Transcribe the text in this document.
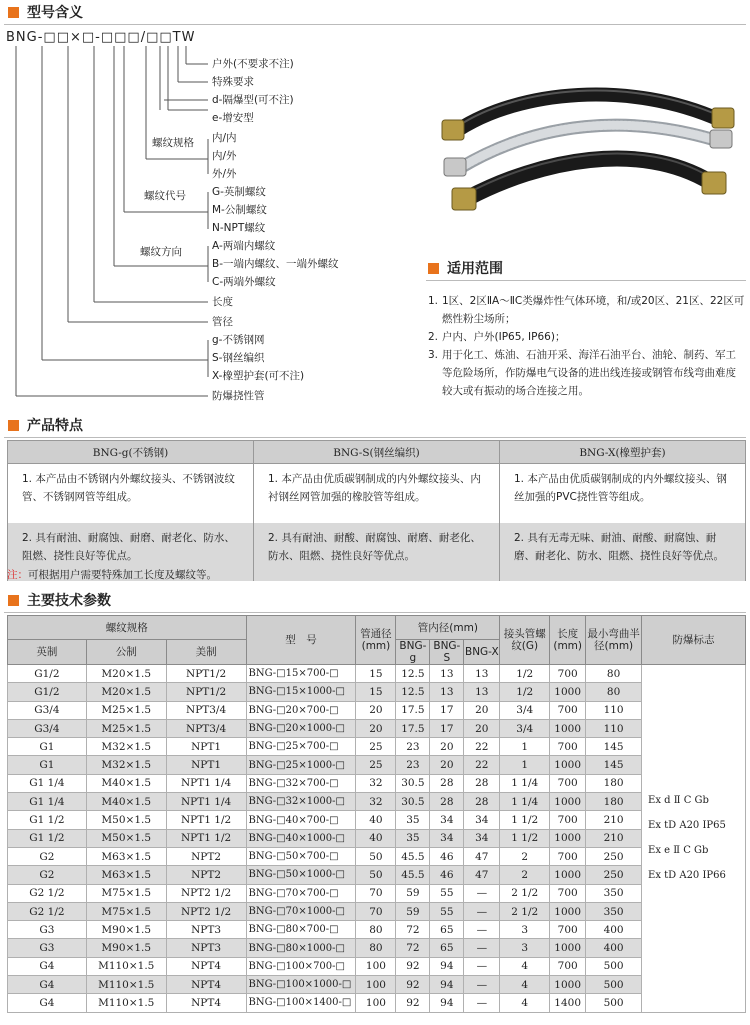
型号含义
BNG-□□×□-□□□/□□TW
户外(不要求不注)
特殊要求
d-隔爆型(可不注)
e-增安型
螺纹规格 内/内
内/外
外/外
螺纹代号 G-英制螺纹
M-公制螺纹
N-NPT螺纹
螺纹方向	A-两端内螺纹
B-一端内螺纹、一端外螺纹
C-两端外螺纹
长度
管径
g-不锈钢网
S-钢丝编织
X-橡塑护套(可不注)
防爆挠性管
适用范围
1. 1区、2区ⅡA～ⅡC类爆炸性气体环境，和/或20区、21区、22区可燃性粉尘场所；
2. 户内、户外(IP65, IP66)；
3. 用于化工、炼油、石油开采、海洋石油平台、油轮、制药、军工等危险场所，作防爆电气设备的进出线连接或钢管布线弯曲难度较大或有振动的场合连接之用。
产品特点
BNG-g(不锈钢)	BNG-S(钢丝编织)	BNG-X(橡塑护套)
1. 本产品由不锈钢内外螺纹接头、不锈钢波纹管、不锈钢网管等组成。	1. 本产品由优质碳钢制成的内外螺纹接头、内衬钢丝网管加强的橡胶管等组成。	1. 本产品由优质碳钢制成的内外螺纹接头、钢丝加强的PVC挠性管等组成。
2. 具有耐油、耐腐蚀、耐磨、耐老化、防水、阻燃、挠性良好等优点。	2. 具有耐油、耐酸、耐腐蚀、耐磨、耐老化、防水、阻燃、挠性良好等优点。	2. 具有无毒无味、耐油、耐酸、耐腐蚀、耐磨、耐老化、防水、阻燃、挠性良好等优点。
注：可根据用户需要特殊加工长度及螺纹等。
主要技术参数
螺纹规格			型　号	管通径(mm)	管内径(mm)			接头管螺纹(G)	长度(mm)	最小弯曲半径(mm)	防爆标志
英制	公制	美制			BNG-g	BNG-S	BNG-X				
G1/2	M20×1.5	NPT1/2	BNG-□15×700-□	15	12.5	13	13	1/2	700	80	Ex d Ⅱ C Gb
Ex tD A20 IP65
Ex e Ⅱ C Gb
Ex tD A20 IP66

G1/2	M20×1.5	NPT1/2	BNG-□15×1000-□	15	12.5	13	13	1/2	1000	80	
G3/4	M25×1.5	NPT3/4	BNG-□20×700-□	20	17.5	17	20	3/4	700	110	
G3/4	M25×1.5	NPT3/4	BNG-□20×1000-□	20	17.5	17	20	3/4	1000	110	
G1	M32×1.5	NPT1	BNG-□25×700-□	25	23	20	22	1	700	145	
G1	M32×1.5	NPT1	BNG-□25×1000-□	25	23	20	22	1	1000	145	
G1 1/4	M40×1.5	NPT1 1/4	BNG-□32×700-□	32	30.5	28	28	1 1/4	700	180	
G1 1/4	M40×1.5	NPT1 1/4	BNG-□32×1000-□	32	30.5	28	28	1 1/4	1000	180	
G1 1/2	M50×1.5	NPT1 1/2	BNG-□40×700-□	40	35	34	34	1 1/2	700	210	
G1 1/2	M50×1.5	NPT1 1/2	BNG-□40×1000-□	40	35	34	34	1 1/2	1000	210	
G2	M63×1.5	NPT2	BNG-□50×700-□	50	45.5	46	47	2	700	250	
G2	M63×1.5	NPT2	BNG-□50×1000-□	50	45.5	46	47	2	1000	250	
G2 1/2	M75×1.5	NPT2 1/2	BNG-□70×700-□	70	59	55	—	2 1/2	700	350	
G2 1/2	M75×1.5	NPT2 1/2	BNG-□70×1000-□	70	59	55	—	2 1/2	1000	350	
G3	M90×1.5	NPT3	BNG-□80×700-□	80	72	65	—	3	700	400	
G3	M90×1.5	NPT3	BNG-□80×1000-□	80	72	65	—	3	1000	400	
G4	M110×1.5	NPT4	BNG-□100×700-□	100	92	94	—	4	700	500	
G4	M110×1.5	NPT4	BNG-□100×1000-□	100	92	94	—	4	1000	500	
G4	M110×1.5	NPT4	BNG-□100×1400-□	100	92	94	—	4	1400	500	
